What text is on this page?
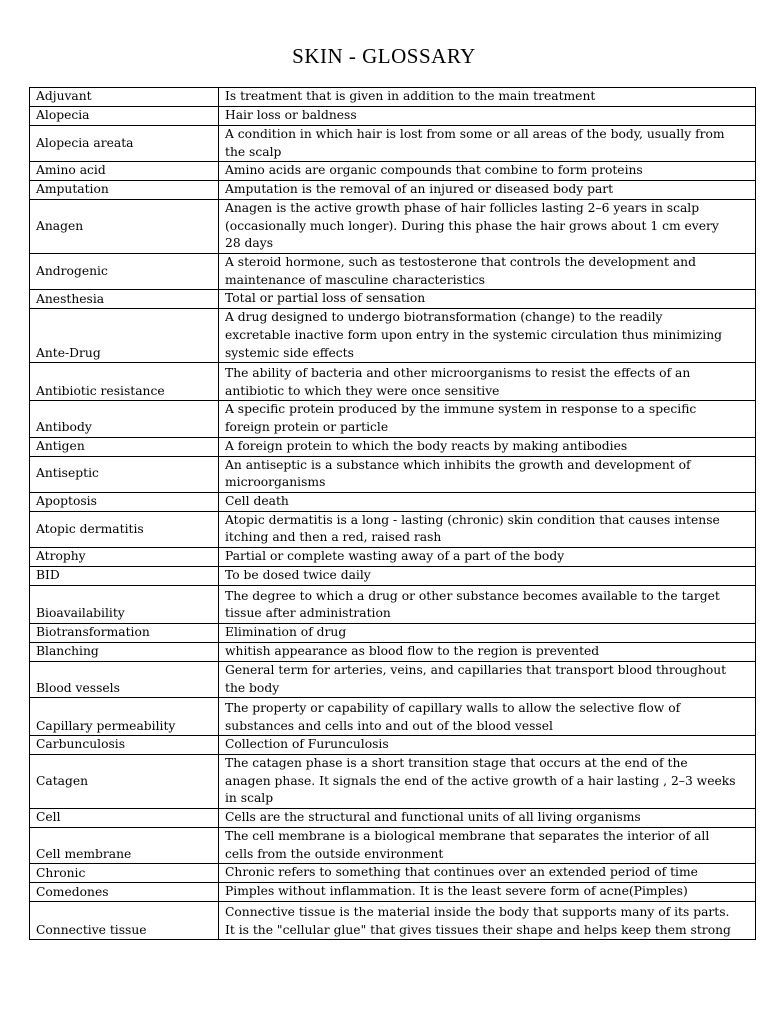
SKIN - GLOSSARY
Adjuvant	Is treatment that is given in addition to the main treatment

Alopecia	Hair loss or baldness

Alopecia areata	A condition in which hair is lost from some or all areas of the body, usually from
the scalp

Amino acid	Amino acids are organic compounds that combine to form proteins

Amputation	Amputation is the removal of an injured or diseased body part

Anagen	Anagen is the active growth phase of hair follicles lasting 2–6 years in scalp
(occasionally much longer). During this phase the hair grows about 1 cm every
28 days

Androgenic	A steroid hormone, such as testosterone that controls the development and
maintenance of masculine characteristics

Anesthesia	Total or partial loss of sensation

Ante-Drug	A drug designed to undergo biotransformation (change) to the readily
excretable inactive form upon entry in the systemic circulation thus minimizing
systemic side effects

Antibiotic resistance	The ability of bacteria and other microorganisms to resist the effects of an
antibiotic to which they were once sensitive

Antibody	A specific protein produced by the immune system in response to a specific
foreign protein or particle

Antigen	A foreign protein to which the body reacts by making antibodies

Antiseptic	An antiseptic is a substance which inhibits the growth and development of
microorganisms

Apoptosis	Cell death

Atopic dermatitis	Atopic dermatitis is a long - lasting (chronic) skin condition that causes intense
itching and then a red, raised rash

Atrophy	Partial or complete wasting away of a part of the body

BID	To be dosed twice daily

Bioavailability	The degree to which a drug or other substance becomes available to the target
tissue after administration

Biotransformation	Elimination of drug

Blanching	whitish appearance as blood flow to the region is prevented

Blood vessels	General term for arteries, veins, and capillaries that transport blood throughout
the body

Capillary permeability	The property or capability of capillary walls to allow the selective flow of
substances and cells into and out of the blood vessel

Carbunculosis	Collection of Furunculosis

Catagen	The catagen phase is a short transition stage that occurs at the end of the
anagen phase. It signals the end of the active growth of a hair lasting , 2–3 weeks
in scalp

Cell	Cells are the structural and functional units of all living organisms

Cell membrane	The cell membrane is a biological membrane that separates the interior of all
cells from the outside environment

Chronic	Chronic refers to something that continues over an extended period of time

Comedones	Pimples without inflammation. It is the least severe form of acne(Pimples)

Connective tissue	Connective tissue is the material inside the body that supports many of its parts.
It is the "cellular glue" that gives tissues their shape and helps keep them strong
